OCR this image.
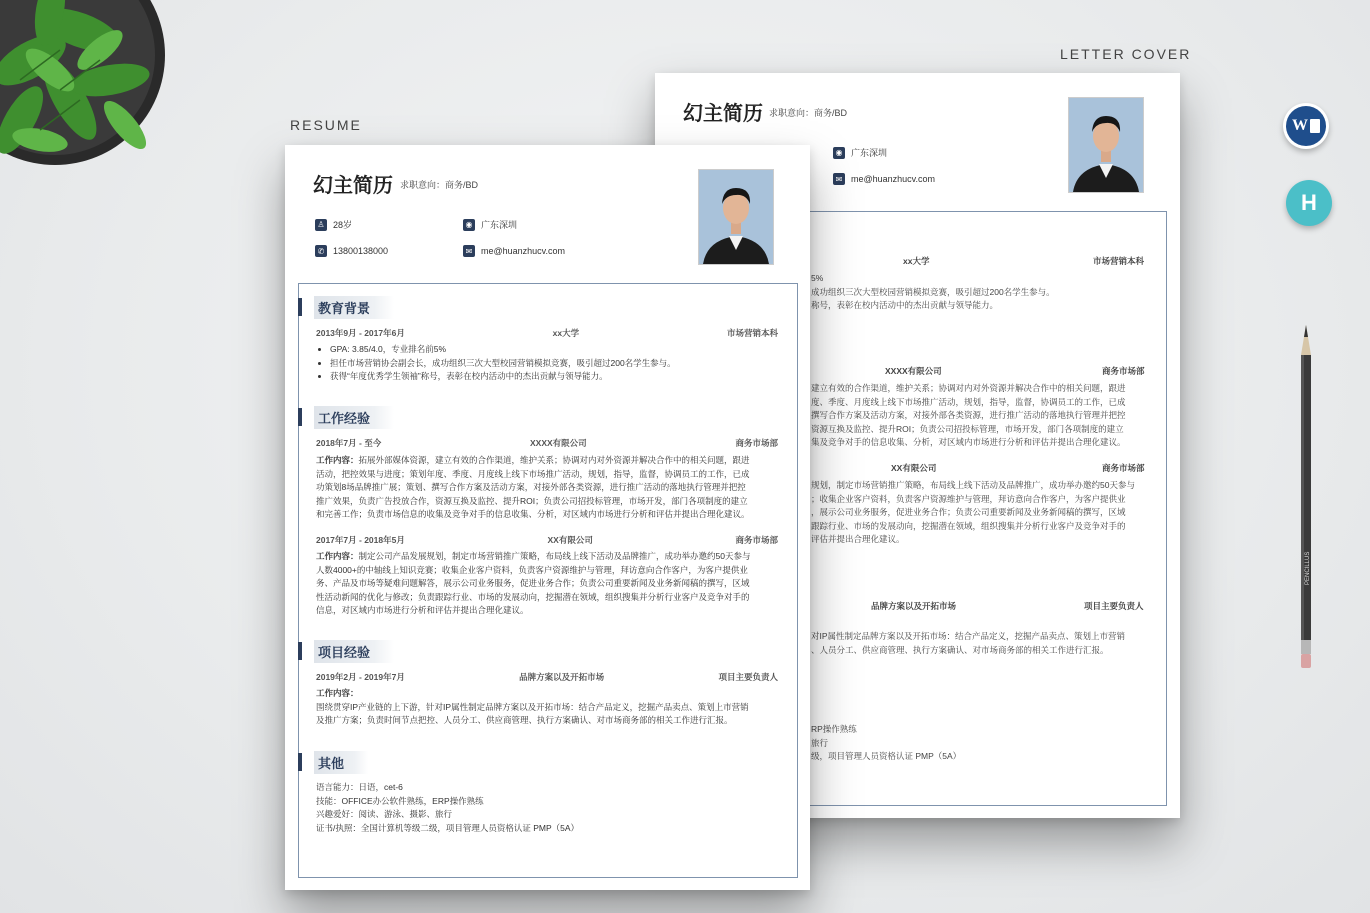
LETTER COVER
RESUME	幻主简历 求职意向：商务/BD
◉ 广东深圳
✉ me@huanzhucv.com
xx大学	市场营销本科
5%
成功组织三次大型校园营销模拟竞赛，吸引超过200名学生参与。
称号，表彰在校内活动中的杰出贡献与领导能力。
XXXX有限公司	商务市场部
建立有效的合作渠道，维护关系；协调对内对外资源并解决合作中的相关问题，跟进
度、季度、月度线上线下市场推广活动，规划，指导，监督，协调员工的工作，已成
撰写合作方案及活动方案，对接外部各类资源，进行推广活动的落地执行管理并把控
资源互换及监控、提升ROI；负责公司招投标管理，市场开发，部门各项制度的建立
集及竞争对手的信息收集、分析，对区域内市场进行分析和评估并提出合理化建议。
XX有限公司	商务市场部
规划，制定市场营销推广策略，布局线上线下活动及品牌推广，成功举办邀约50天参与
；收集企业客户资料，负责客户资源维护与管理，拜访意向合作客户，为客户提供业
，展示公司业务服务，促进业务合作；负责公司重要新闻及业务新闻稿的撰写，区域
跟踪行业、市场的发展动向，挖掘潜在领域，组织搜集并分析行业客户及竞争对手的
评估并提出合理化建议。
品牌方案以及开拓市场	项目主要负责人
对IP属性制定品牌方案以及开拓市场：结合产品定义，挖掘产品卖点、策划上市营销
、人员分工、供应商管理、执行方案确认、对市场商务部的相关工作进行汇报。
RP操作熟练
旅行
级，项目管理人员资格认证 PMP（5A）
幻主简历 求职意向：商务/BD
♙ 28岁	◉ 广东深圳
✆ 13800138000	✉ me@huanzhucv.com
教育背景
2013年9月 - 2017年6月	xx大学	市场营销本科
• GPA: 3.85/4.0，专业排名前5%
• 担任市场营销协会副会长，成功组织三次大型校园营销模拟竞赛，吸引超过200名学生参与。
• 获得“年度优秀学生领袖”称号，表彰在校内活动中的杰出贡献与领导能力。
工作经验
2018年7月 - 至今	XXXX有限公司	商务市场部
工作内容：拓展外部媒体资源，建立有效的合作渠道，维护关系；协调对内对外资源并解决合作中的相关问题，跟进
活动，把控效果与进度；策划年度、季度、月度线上线下市场推广活动，规划，指导，监督，协调员工的工作，已成
功策划8场品牌推广展；策划、撰写合作方案及活动方案，对接外部各类资源，进行推广活动的落地执行管理并把控
推广效果，负责广告投放合作，资源互换及监控、提升ROI；负责公司招投标管理，市场开发，部门各项制度的建立
和完善工作；负责市场信息的收集及竞争对手的信息收集、分析，对区域内市场进行分析和评估并提出合理化建议。
2017年7月 - 2018年5月	XX有限公司	商务市场部
工作内容：制定公司产品发展规划，制定市场营销推广策略，布局线上线下活动及品牌推广，成功举办邀约50天参与
人数4000+的中轴线上知识竞赛；收集企业客户资料，负责客户资源维护与管理，拜访意向合作客户，为客户提供业
务、产品及市场等疑难问题解答，展示公司业务服务，促进业务合作；负责公司重要新闻及业务新闻稿的撰写，区域
性活动新闻的优化与修改；负责跟踪行业、市场的发展动向，挖掘潜在领域，组织搜集并分析行业客户及竞争对手的
信息，对区域内市场进行分析和评估并提出合理化建议。
项目经验
2019年2月 - 2019年7月	品牌方案以及开拓市场	项目主要负责人
工作内容：
围绕贯穿IP产业链的上下游，针对IP属性制定品牌方案以及开拓市场：结合产品定义，挖掘产品卖点、策划上市营销
及推广方案；负责时间节点把控、人员分工、供应商管理、执行方案确认、对市场商务部的相关工作进行汇报。
其他
语言能力：日语，cet-6
技能：OFFICE办公软件熟练，ERP操作熟练
兴趣爱好：阅读、游泳、摄影、旅行
证书/执照：全国计算机等级二级，项目管理人员资格认证 PMP（5A）
W
H
PENCILLUS
